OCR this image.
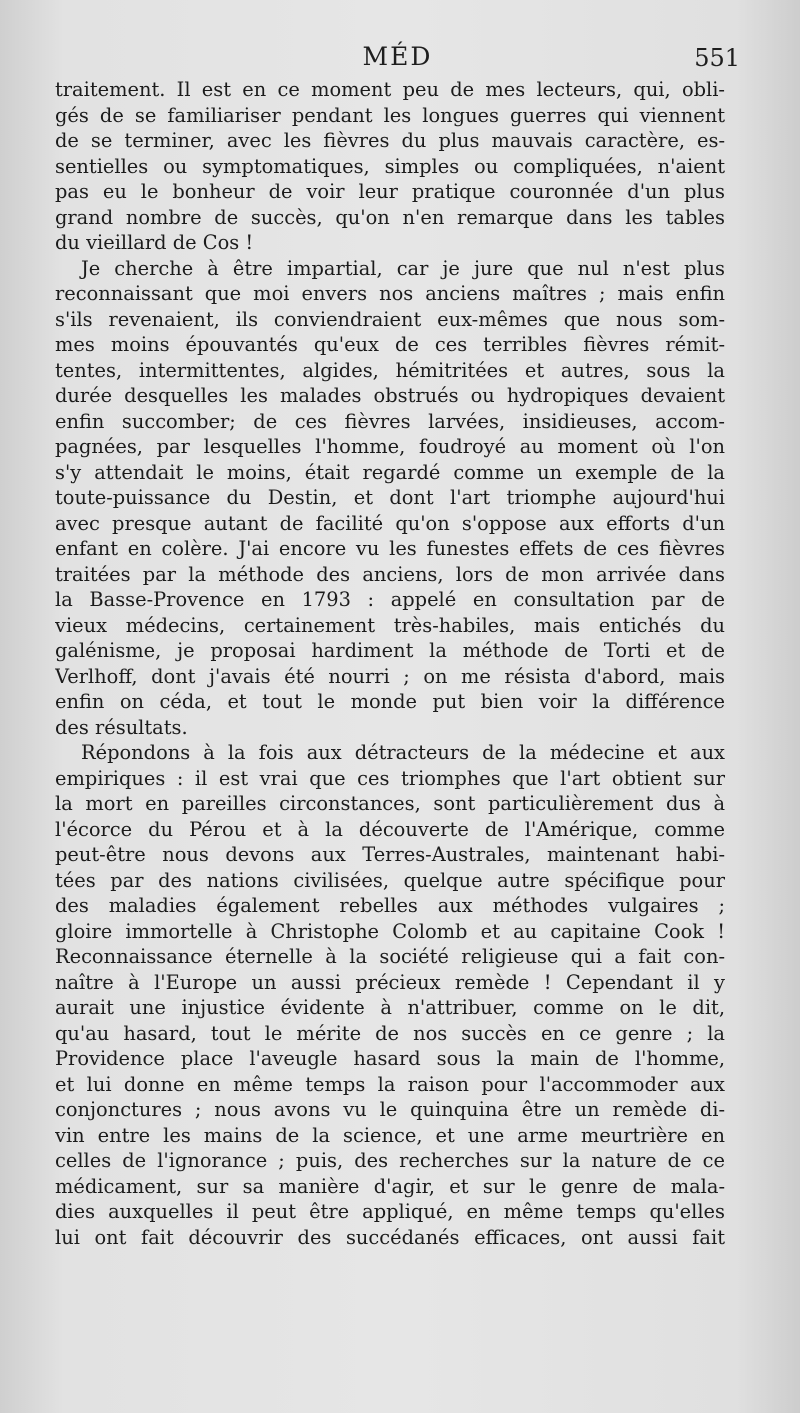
MÉD	551
traitement. Il est en ce moment peu de mes lecteurs, qui, obli-
gés de se familiariser pendant les longues guerres qui viennent
de se terminer, avec les fièvres du plus mauvais caractère, es-
sentielles ou symptomatiques, simples ou compliquées, n'aient
pas eu le bonheur de voir leur pratique couronnée d'un plus
grand nombre de succès, qu'on n'en remarque dans les tables
du vieillard de Cos !
Je cherche à être impartial, car je jure que nul n'est plus
reconnaissant que moi envers nos anciens maîtres ; mais enfin
s'ils revenaient, ils conviendraient eux-mêmes que nous som-
mes moins épouvantés qu'eux de ces terribles fièvres rémit-
tentes, intermittentes, algides, hémitritées et autres, sous la
durée desquelles les malades obstrués ou hydropiques devaient
enfin succomber; de ces fièvres larvées, insidieuses, accom-
pagnées, par lesquelles l'homme, foudroyé au moment où l'on
s'y attendait le moins, était regardé comme un exemple de la
toute-puissance du Destin, et dont l'art triomphe aujourd'hui
avec presque autant de facilité qu'on s'oppose aux efforts d'un
enfant en colère. J'ai encore vu les funestes effets de ces fièvres
traitées par la méthode des anciens, lors de mon arrivée dans
la Basse-Provence en 1793 : appelé en consultation par de
vieux médecins, certainement très-habiles, mais entichés du
galénisme, je proposai hardiment la méthode de Torti et de
Verlhoff, dont j'avais été nourri ; on me résista d'abord, mais
enfin on céda, et tout le monde put bien voir la différence
des résultats.
Répondons à la fois aux détracteurs de la médecine et aux
empiriques : il est vrai que ces triomphes que l'art obtient sur
la mort en pareilles circonstances, sont particulièrement dus à
l'écorce du Pérou et à la découverte de l'Amérique, comme
peut-être nous devons aux Terres-Australes, maintenant habi-
tées par des nations civilisées, quelque autre spécifique pour
des maladies également rebelles aux méthodes vulgaires ;
gloire immortelle à Christophe Colomb et au capitaine Cook !
Reconnaissance éternelle à la société religieuse qui a fait con-
naître à l'Europe un aussi précieux remède ! Cependant il y
aurait une injustice évidente à n'attribuer, comme on le dit,
qu'au hasard, tout le mérite de nos succès en ce genre ; la
Providence place l'aveugle hasard sous la main de l'homme,
et lui donne en même temps la raison pour l'accommoder aux
conjonctures ; nous avons vu le quinquina être un remède di-
vin entre les mains de la science, et une arme meurtrière en
celles de l'ignorance ; puis, des recherches sur la nature de ce
médicament, sur sa manière d'agir, et sur le genre de mala-
dies auxquelles il peut être appliqué, en même temps qu'elles
lui ont fait découvrir des succédanés efficaces, ont aussi fait
